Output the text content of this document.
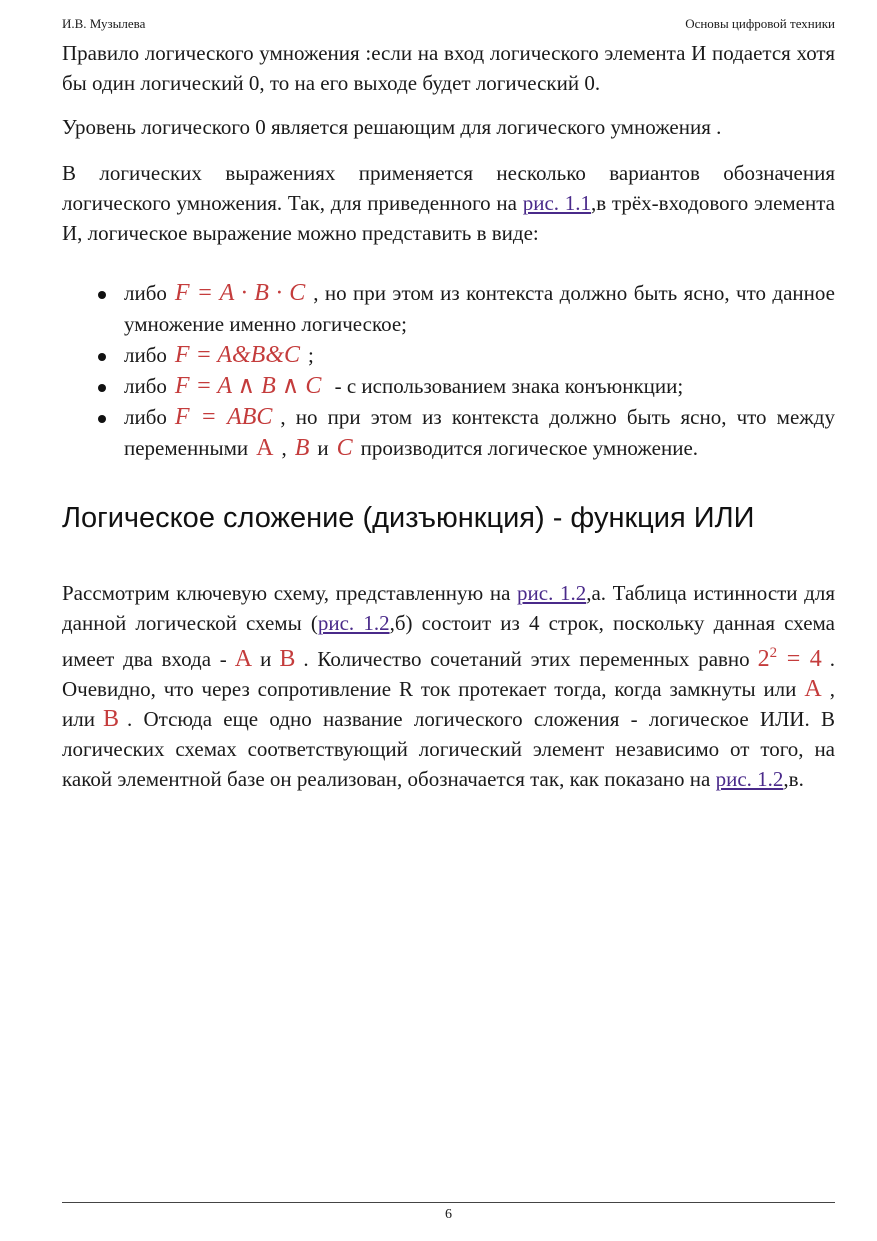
И.В. Музылева	Основы цифровой техники

Правило логического умножения :если на вход логического элемента И подается хотя бы один логический 0, то на его выходе будет логический 0.

Уровень логического 0 является решающим для логического умножения .

В логических выражениях применяется несколько вариантов обозначения логического умножения. Так, для приведенного на рис. 1.1,в трёх-входового элемента И, логическое выражение можно представить в виде:

либо F = A · B · C , но при этом из контекста должно быть ясно, что данное умножение именно логическое;
либо F = A&B&C ;
либо F = A ∧ B ∧ C - с использованием знака конъюнкции;
либо F = ABC , но при этом из контекста должно быть ясно, что между переменными A , B и C производится логическое умножение.
Логическое сложение (дизъюнкция) - функция ИЛИ

Рассмотрим ключевую схему, представленную на рис. 1.2,а. Таблица истинности для данной логической схемы (рис. 1.2,б) состоит из 4 строк, поскольку данная схема имеет два входа - A и B . Количество сочетаний этих переменных равно $2^2 = 4$ . Очевидно, что через сопротивление R ток протекает тогда, когда замкнуты или A , или B . Отсюда еще одно название логического сложения - логическое ИЛИ. В логических схемах соответствующий логический элемент независимо от того, на какой элементной базе он реализован, обозначается так, как показано на рис. 1.2,в.

6
